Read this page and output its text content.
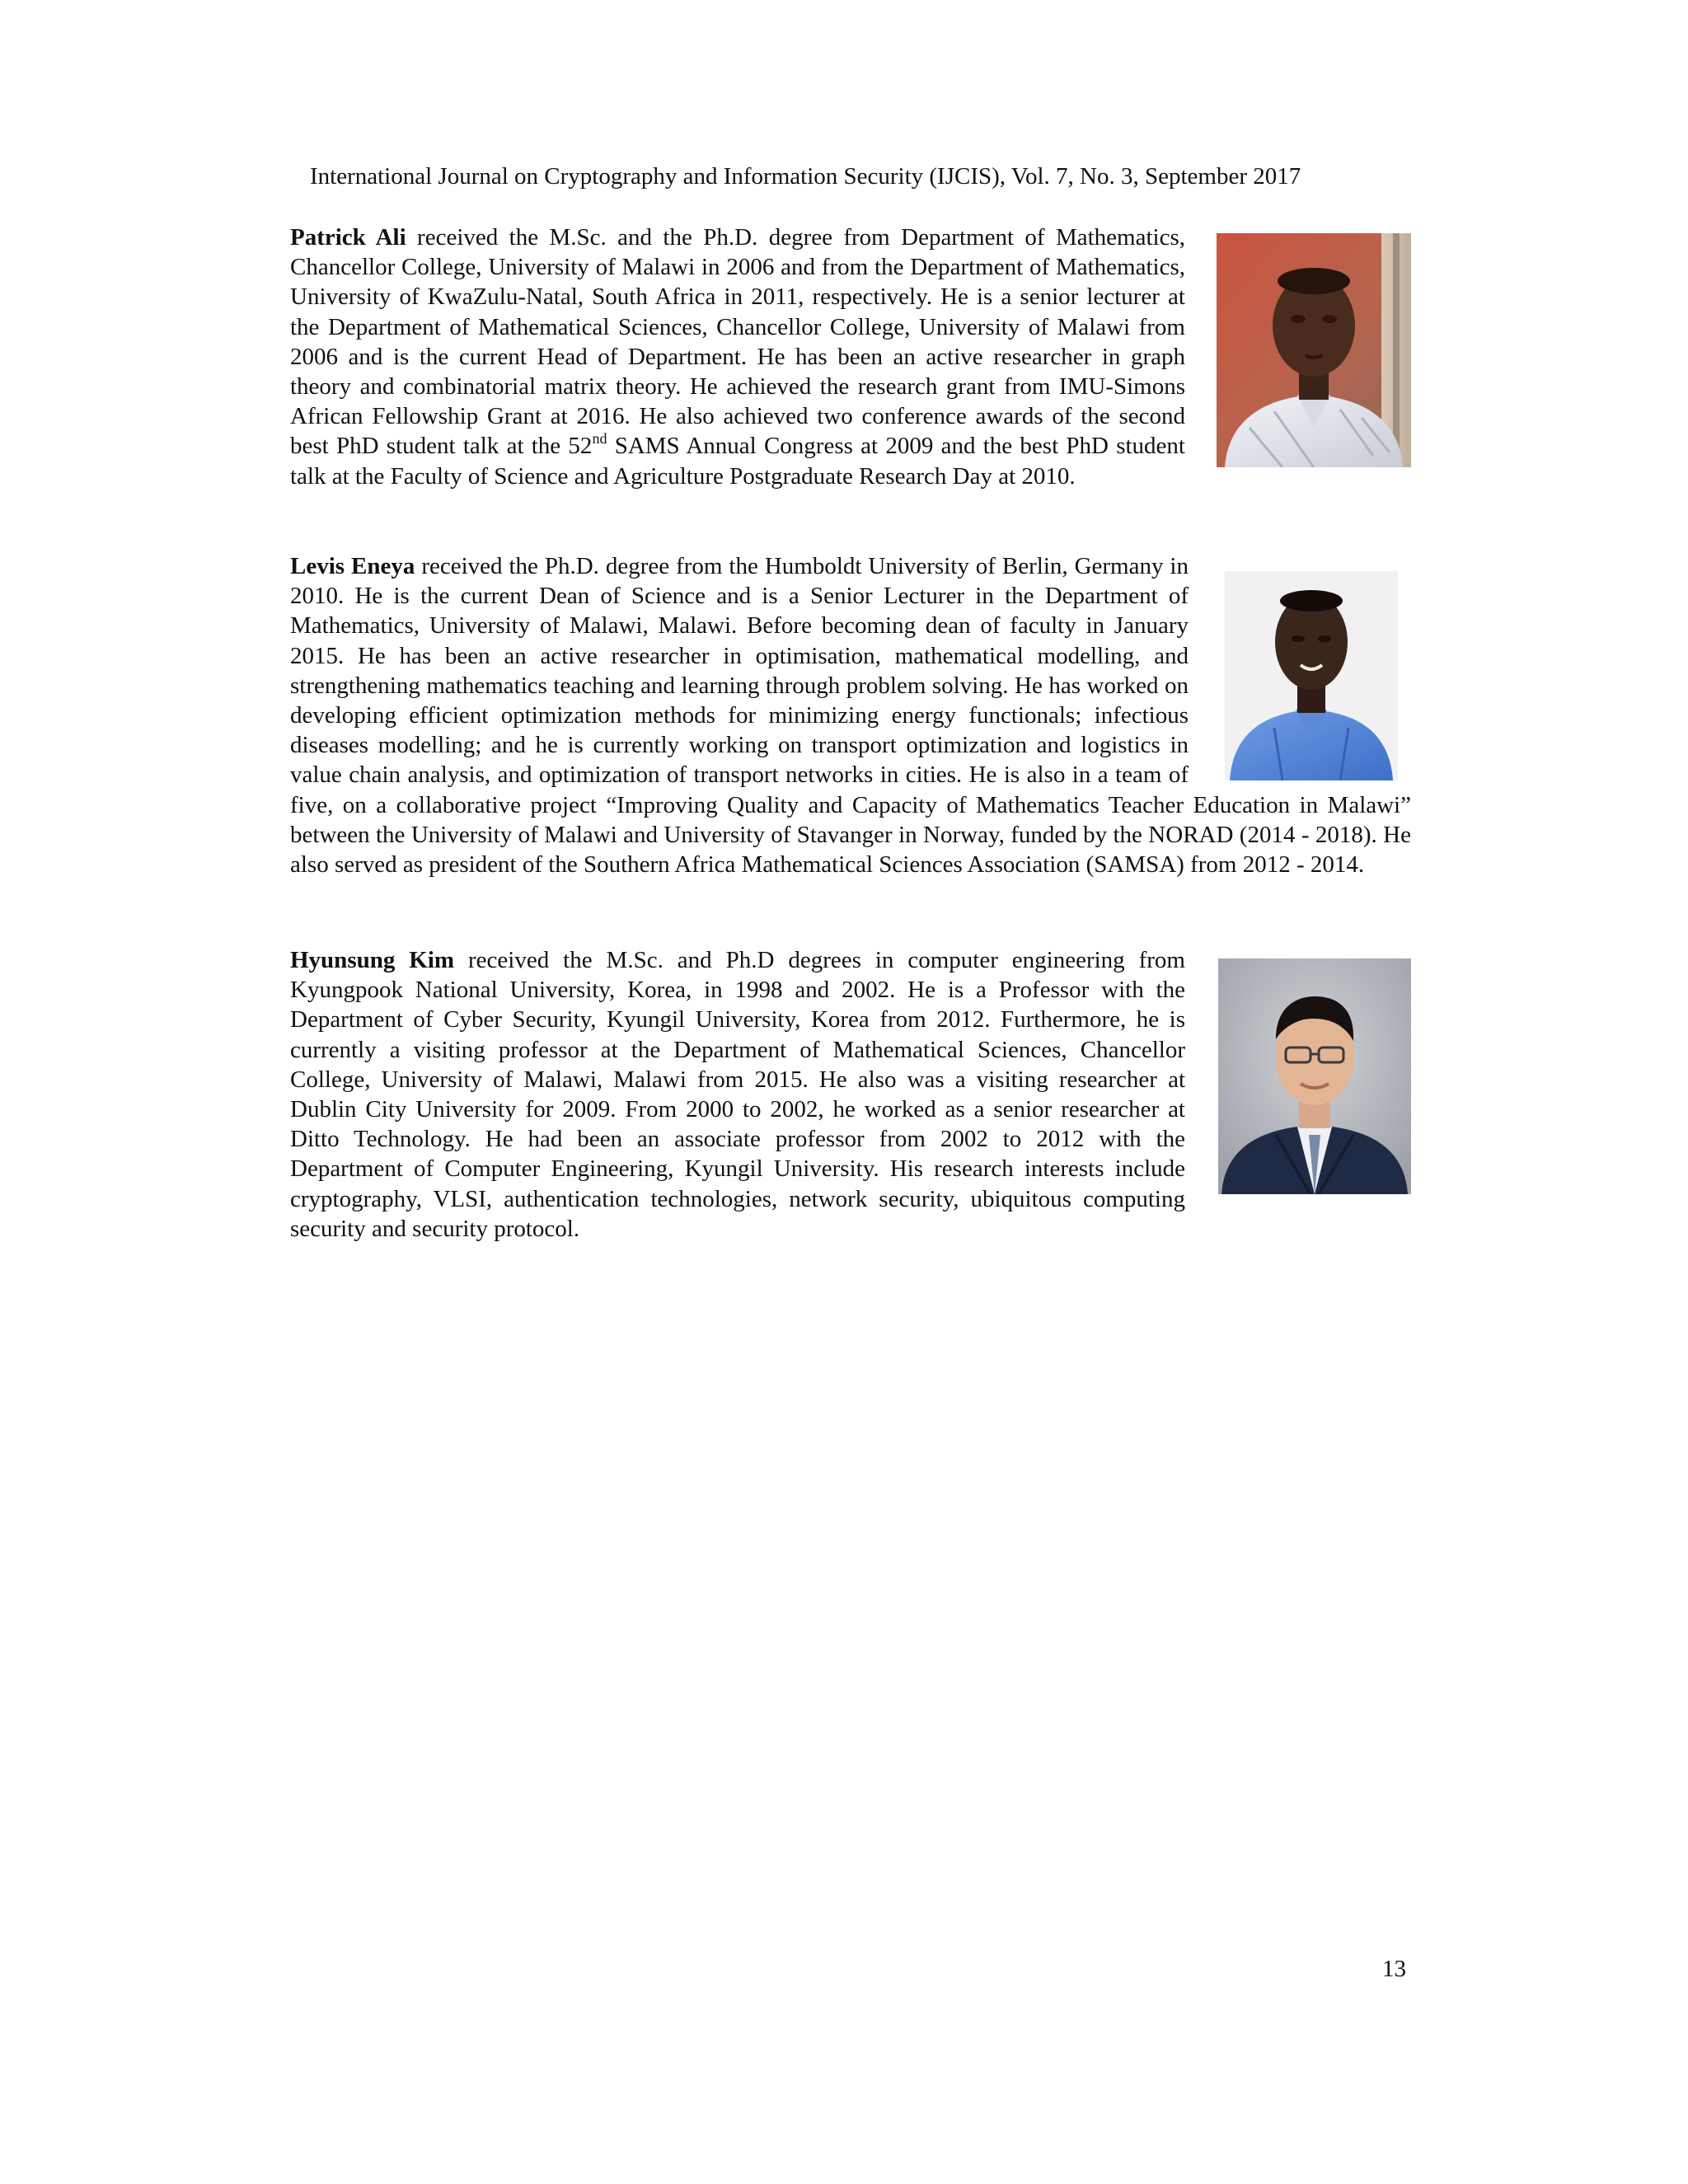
International Journal on Cryptography and Information Security (IJCIS), Vol. 7, No. 3, September 2017

Patrick Ali received the M.Sc. and the Ph.D. degree from Department of Mathematics, Chancellor College, University of Malawi in 2006 and from the Department of Mathematics, University of KwaZulu-Natal, South Africa in 2011, respectively. He is a senior lecturer at the Department of Mathematical Sciences, Chancellor College, University of Malawi from 2006 and is the current Head of Department. He has been an active researcher in graph theory and combinatorial matrix theory. He achieved the research grant from IMU-Simons African Fellowship Grant at 2016. He also achieved two conference awards of the second best PhD student talk at the 52nd SAMS Annual Congress at 2009 and the best PhD student talk at the Faculty of Science and Agriculture Postgraduate Research Day at 2010.

Levis Eneya received the Ph.D. degree from the Humboldt University of Berlin, Germany in 2010. He is the current Dean of Science and is a Senior Lecturer in the Department of Mathematics, University of Malawi, Malawi. Before becoming dean of faculty in January 2015. He has been an active researcher in optimisation, mathematical modelling, and strengthening mathematics teaching and learning through problem solving. He has worked on developing efficient optimization methods for minimizing energy functionals; infectious diseases modelling; and he is currently working on transport optimization and logistics in value chain analysis, and optimization of transport networks in cities. He is also in a team of five, on a collaborative project “Improving Quality and Capacity of Mathematics Teacher Education in Malawi” between the University of Malawi and University of Stavanger in Norway, funded by the NORAD (2014 - 2018). He also served as president of the Southern Africa Mathematical Sciences Association (SAMSA) from 2012 - 2014.

Hyunsung Kim received the M.Sc. and Ph.D degrees in computer engineering from Kyungpook National University, Korea, in 1998 and 2002. He is a Professor with the Department of Cyber Security, Kyungil University, Korea from 2012. Furthermore, he is currently a visiting professor at the Department of Mathematical Sciences, Chancellor College, University of Malawi, Malawi from 2015. He also was a visiting researcher at Dublin City University for 2009. From 2000 to 2002, he worked as a senior researcher at Ditto Technology. He had been an associate professor from 2002 to 2012 with the Department of Computer Engineering, Kyungil University. His research interests include cryptography, VLSI, authentication technologies, network security, ubiquitous computing security and security protocol.

13
